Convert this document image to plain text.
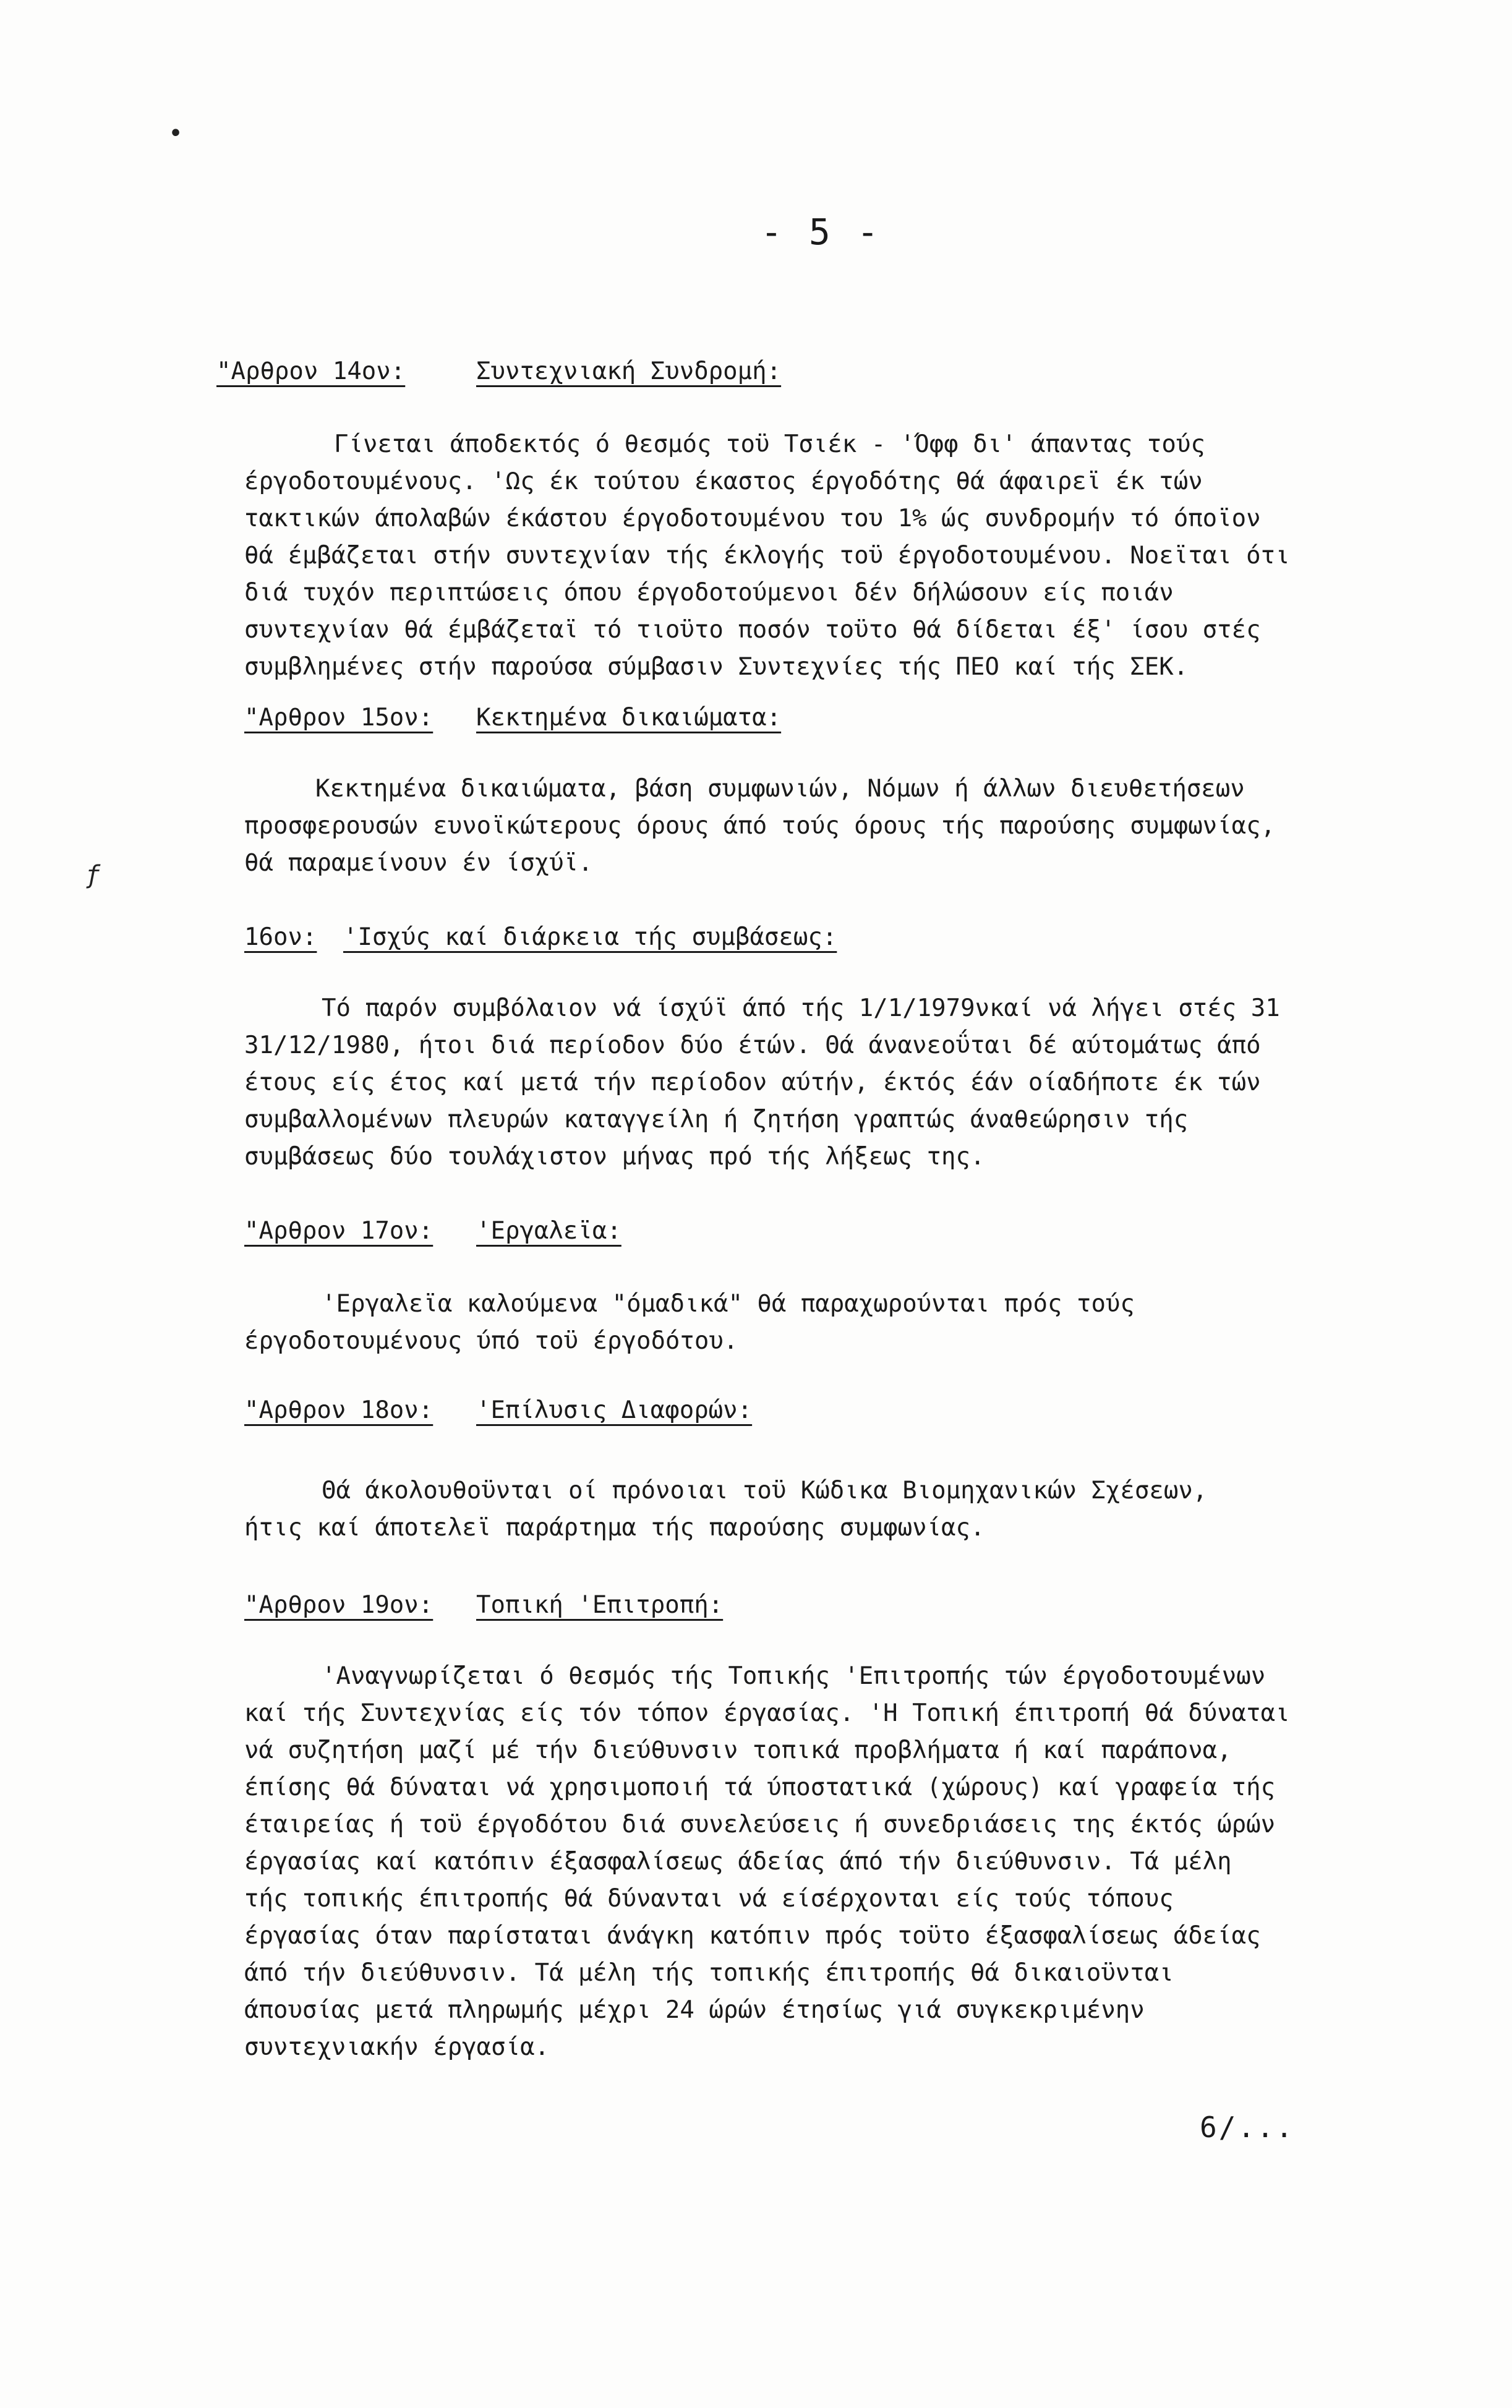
•
ƒ
- 5 -
"Αρθρον 14ον:	Συντεχνιακή Συνδρομή:
Γίνεται άποδεκτός ό θεσμός τοϋ Τσιέκ - 'Όφφ δι' άπαντας τούς
έργοδοτουμένους. 'Ως έκ τούτου έκαστος έργοδότης θά άφαιρεϊ έκ τών
τακτικών άπολαβών έκάστου έργοδοτουμένου του 1% ώς συνδρομήν τό όποϊον
θά έμβάζεται στήν συντεχνίαν τής έκλογής τοϋ έργοδοτουμένου. Νοεϊται ότι
διά τυχόν περιπτώσεις όπου έργοδοτούμενοι δέν δήλώσουν είς ποιάν
συντεχνίαν θά έμβάζεταϊ τό τιοϋτο ποσόν τοϋτο θά δίδεται έξ' ίσου στές
συμβλημένες στήν παρούσα σύμβασιν Συντεχνίες τής ΠΕΟ καί τής ΣΕΚ.
"Αρθρον 15ον: Κεκτημένα δικαιώματα:
Κεκτημένα δικαιώματα, βάση συμφωνιών, Νόμων ή άλλων διευθετήσεων
προσφερουσών ευνοϊκώτερους όρους άπό τούς όρους τής παρούσης συμφωνίας,
θά παραμείνουν έν ίσχύϊ.
16ον: 'Ισχύς καί διάρκεια τής συμβάσεως:
Τό παρόν συμβόλαιον νά ίσχύϊ άπό τής 1/1/1979νκαί νά λήγει στές 31
31/12/1980, ήτοι διά περίοδον δύο έτών. Θά άνανεοΰται δέ αύτομάτως άπό
έτους είς έτος καί μετά τήν περίοδον αύτήν, έκτός έάν οίαδήποτε έκ τών
συμβαλλομένων πλευρών καταγγείλη ή ζητήση γραπτώς άναθεώρησιν τής
συμβάσεως δύο τουλάχιστον μήνας πρό τής λήξεως της.
"Αρθρον 17ον: 'Εργαλεϊα:
'Εργαλεϊα καλούμενα "όμαδικά" θά παραχωρούνται πρός τούς
έργοδοτουμένους ύπό τοϋ έργοδότου.
"Αρθρον 18ον: 'Επίλυσις Διαφορών:
Θά άκολουθοϋνται οί πρόνοιαι τοϋ Κώδικα Βιομηχανικών Σχέσεων,
ήτις καί άποτελεϊ παράρτημα τής παρούσης συμφωνίας.
"Αρθρον 19ον: Τοπική 'Επιτροπή:
'Αναγνωρίζεται ό θεσμός τής Τοπικής 'Επιτροπής τών έργοδοτουμένων
καί τής Συντεχνίας είς τόν τόπον έργασίας. 'Η Τοπική έπιτροπή θά δύναται
νά συζητήση μαζί μέ τήν διεύθυνσιν τοπικά προβλήματα ή καί παράπονα,
έπίσης θά δύναται νά χρησιμοποιή τά ύποστατικά (χώρους) καί γραφεία τής
έταιρείας ή τοϋ έργοδότου διά συνελεύσεις ή συνεδριάσεις της έκτός ώρών
έργασίας καί κατόπιν έξασφαλίσεως άδείας άπό τήν διεύθυνσιν. Τά μέλη
τής τοπικής έπιτροπής θά δύνανται νά είσέρχονται είς τούς τόπους
έργασίας όταν παρίσταται άνάγκη κατόπιν πρός τοϋτο έξασφαλίσεως άδείας
άπό τήν διεύθυνσιν. Τά μέλη τής τοπικής έπιτροπής θά δικαιοϋνται
άπουσίας μετά πληρωμής μέχρι 24 ώρών έτησίως γιά συγκεκριμένην
συντεχνιακήν έργασία.
6/...
